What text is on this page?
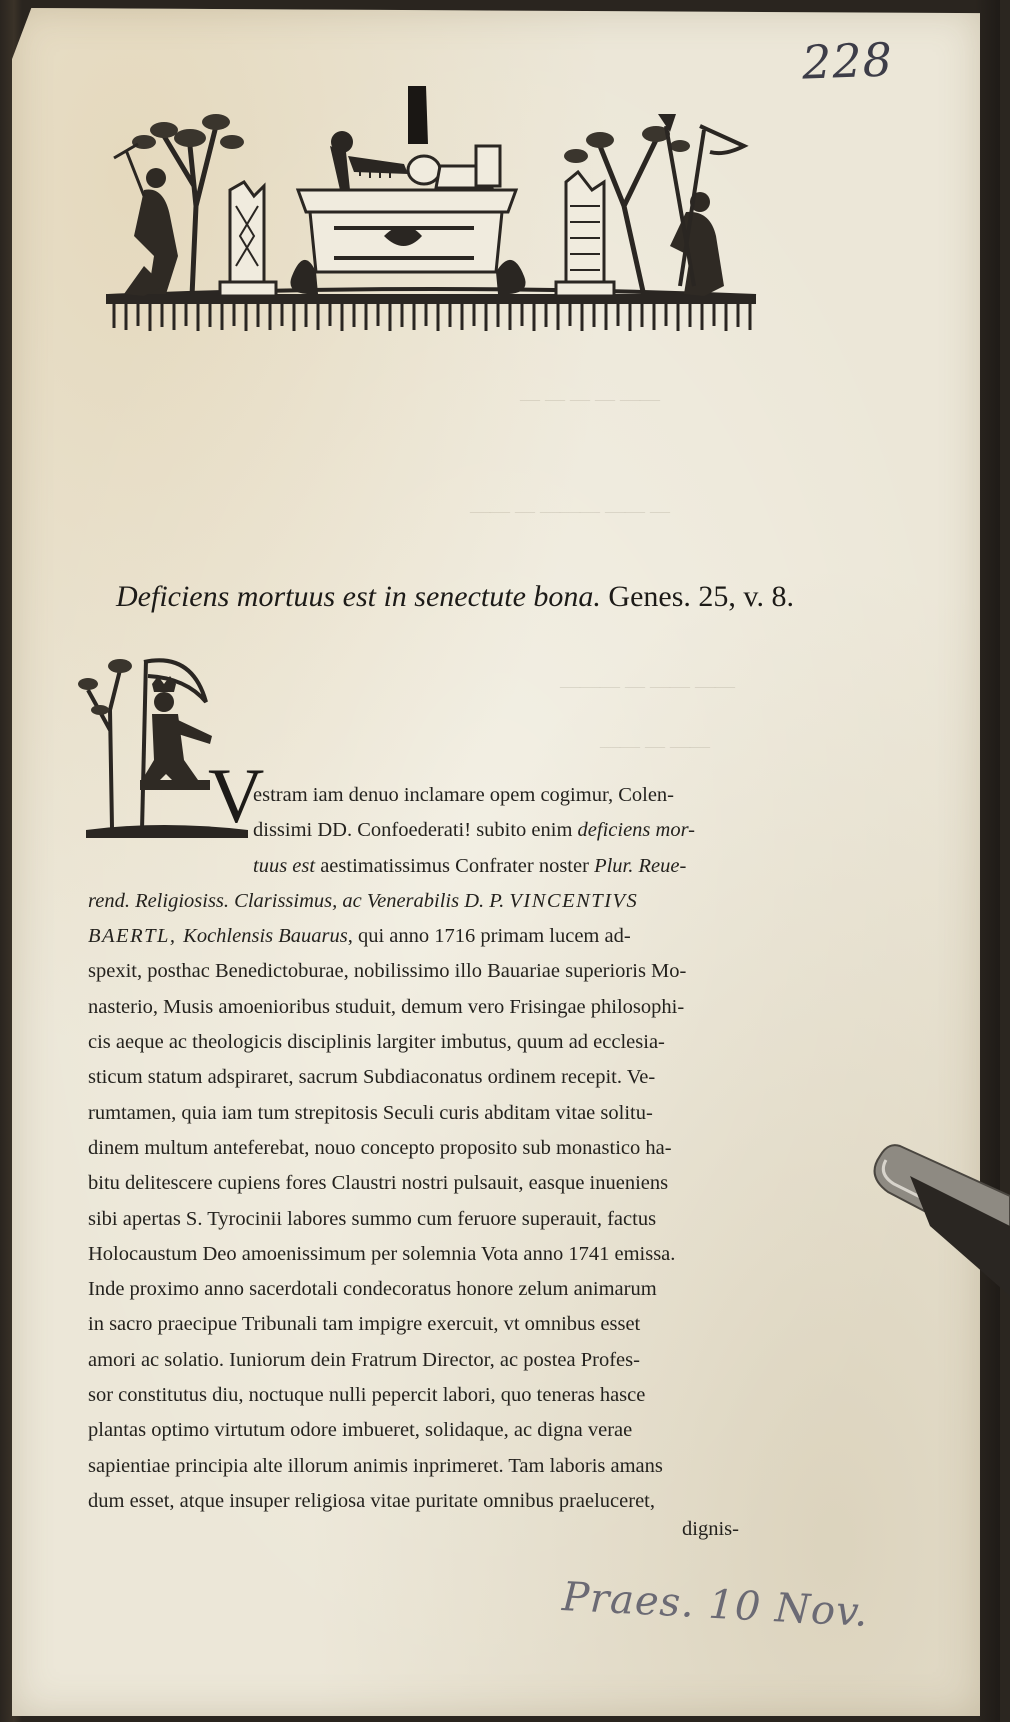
— — — — ——
—— — ——— —— —
——— — —— ——
—— — ——
228
Deficiens mortuus est in senectute bona. Genes. 25, v. 8.
V
estram iam denuo inclamare opem cogimur, Colen-
dissimi DD. Confoederati! subito enim deficiens mor-
tuus est aestimatissimus Confrater noster Plur. Reue-
rend. Religiosiss. Clarissimus, ac Venerabilis D. P. VINCENTIVS
BAERTL, Kochlensis Bauarus, qui anno 1716 primam lucem ad-
spexit, posthac Benedictoburae, nobilissimo illo Bauariae superioris Mo-
nasterio, Musis amoenioribus studuit, demum vero Frisingae philosophi-
cis aeque ac theologicis disciplinis largiter imbutus, quum ad ecclesia-
sticum statum adspiraret, sacrum Subdiaconatus ordinem recepit. Ve-
rumtamen, quia iam tum strepitosis Seculi curis abditam vitae solitu-
dinem multum anteferebat, nouo concepto proposito sub monastico ha-
bitu delitescere cupiens fores Claustri nostri pulsauit, easque inueniens
sibi apertas S. Tyrocinii labores summo cum feruore superauit, factus
Holocaustum Deo amoenissimum per solemnia Vota anno 1741 emissa.
Inde proximo anno sacerdotali condecoratus honore zelum animarum
in sacro praecipue Tribunali tam impigre exercuit, vt omnibus esset
amori ac solatio. Iuniorum dein Fratrum Director, ac postea Profes-
sor constitutus diu, noctuque nulli pepercit labori, quo teneras hasce
plantas optimo virtutum odore imbueret, solidaque, ac digna verae
sapientiae principia alte illorum animis inprimeret. Tam laboris amans
dum esset, atque insuper religiosa vitae puritate omnibus praeluceret,
dignis-
Praes. 10 Nov.
